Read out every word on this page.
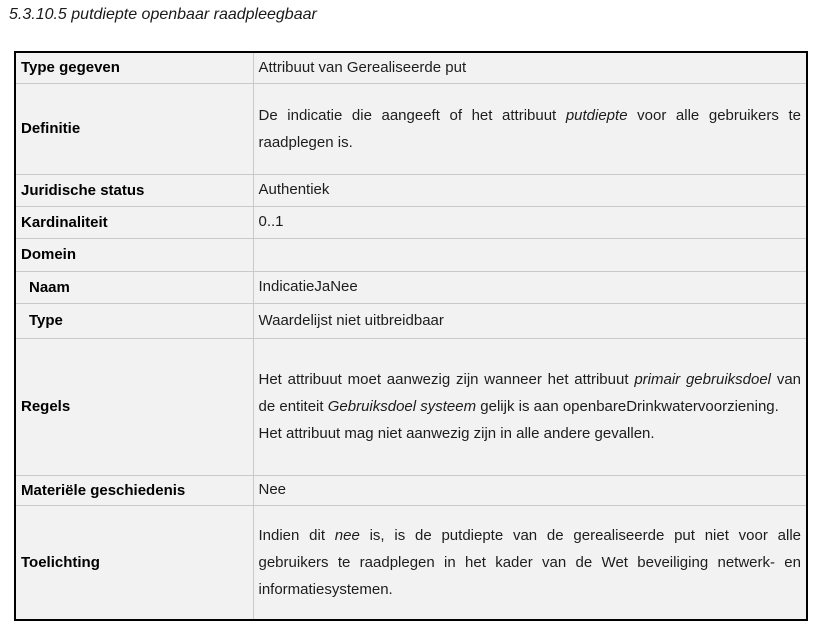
5.3.10.5 putdiepte openbaar raadpleegbaar
Type gegeven	Attribuut van Gerealiseerde put
Definitie	De indicatie die aangeeft of het attribuut putdiepte voor alle gebruikers te raadplegen is.

Juridische status	Authentiek
Kardinaliteit	0..1
Domein	
Naam	IndicatieJaNee
Type	Waardelijst niet uitbreidbaar
Regels	Het attribuut moet aanwezig zijn wanneer het attribuut primair gebruiksdoel van de entiteit Gebruiksdoel systeem gelijk is aan openbareDrinkwatervoorziening.
Het attribuut mag niet aanwezig zijn in alle andere gevallen.

Materiële geschiedenis	Nee
Toelichting	Indien dit nee is, is de putdiepte van de gerealiseerde put niet voor alle gebruikers te raadplegen in het kader van de Wet beveiliging netwerk- en informatiesystemen.
